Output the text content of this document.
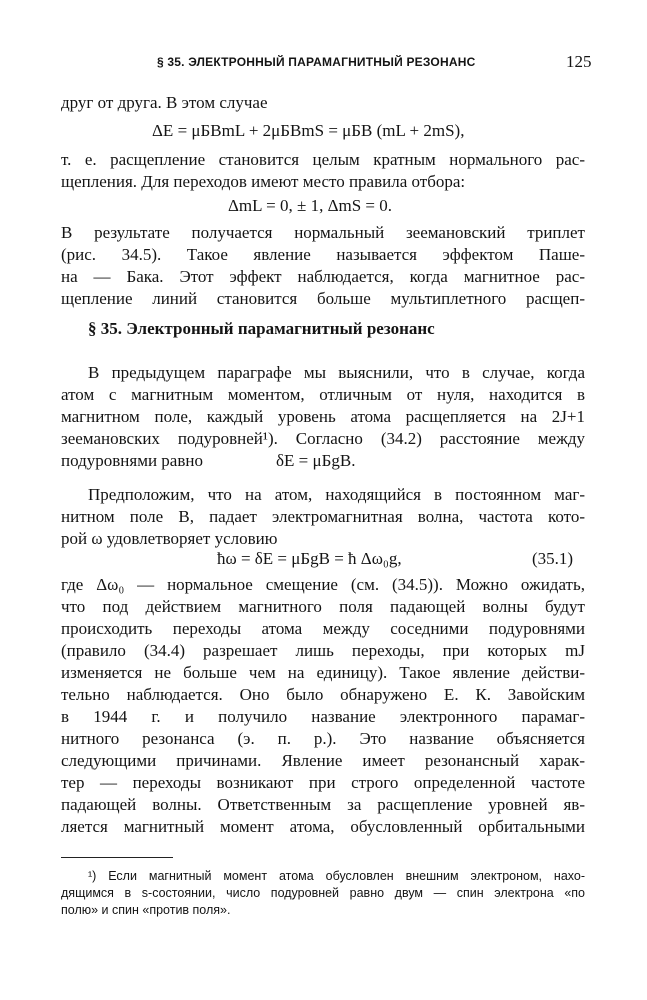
§ 35. ЭЛЕКТРОННЫЙ ПАРАМАГНИТНЫЙ РЕЗОНАНС	125
друг от друга. В этом случае
ΔE = μБBmL + 2μБBmS = μБB (mL + 2mS),
т. е. расщепление становится целым кратным нормального рас-
щепления. Для переходов имеют место правила отбора:
ΔmL = 0, ± 1, ΔmS = 0.
В результате получается нормальный зеемановский триплет
(рис. 34.5). Такое явление называется эффектом Паше-
на — Бака. Этот эффект наблюдается, когда магнитное рас-
щепление линий становится больше мультиплетного расщеп-
§ 35. Электронный парамагнитный резонанс
В предыдущем параграфе мы выяснили, что в случае, когда
атом с магнитным моментом, отличным от нуля, находится в
магнитном поле, каждый уровень атома расщепляется на 2J+1
зеемановских подуровней¹). Согласно (34.2) расстояние между
подуровнями равно	δE = μБgB.
Предположим, что на атом, находящийся в постоянном маг-
нитном поле B, падает электромагнитная волна, частота кото-
рой ω удовлетворяет условию
ħω = δE = μБgB = ħ Δω₀g,	(35.1)
где Δω₀ — нормальное смещение (см. (34.5)). Можно ожидать,
что под действием магнитного поля падающей волны будут
происходить переходы атома между соседними подуровнями
(правило (34.4) разрешает лишь переходы, при которых mJ
изменяется не больше чем на единицу). Такое явление действи-
тельно наблюдается. Оно было обнаружено Е. К. Завойским
в 1944 г. и получило название электронного парамаг-
нитного резонанса (э. п. р.). Это название объясняется
следующими причинами. Явление имеет резонансный харак-
тер — переходы возникают при строго определенной частоте
падающей волны. Ответственным за расщепление уровней яв-
ляется магнитный момент атома, обусловленный орбитальными
¹) Если магнитный момент атома обусловлен внешним электроном, нахо-
дящимся в s-состоянии, число подуровней равно двум — спин электрона «по
полю» и спин «против поля».
